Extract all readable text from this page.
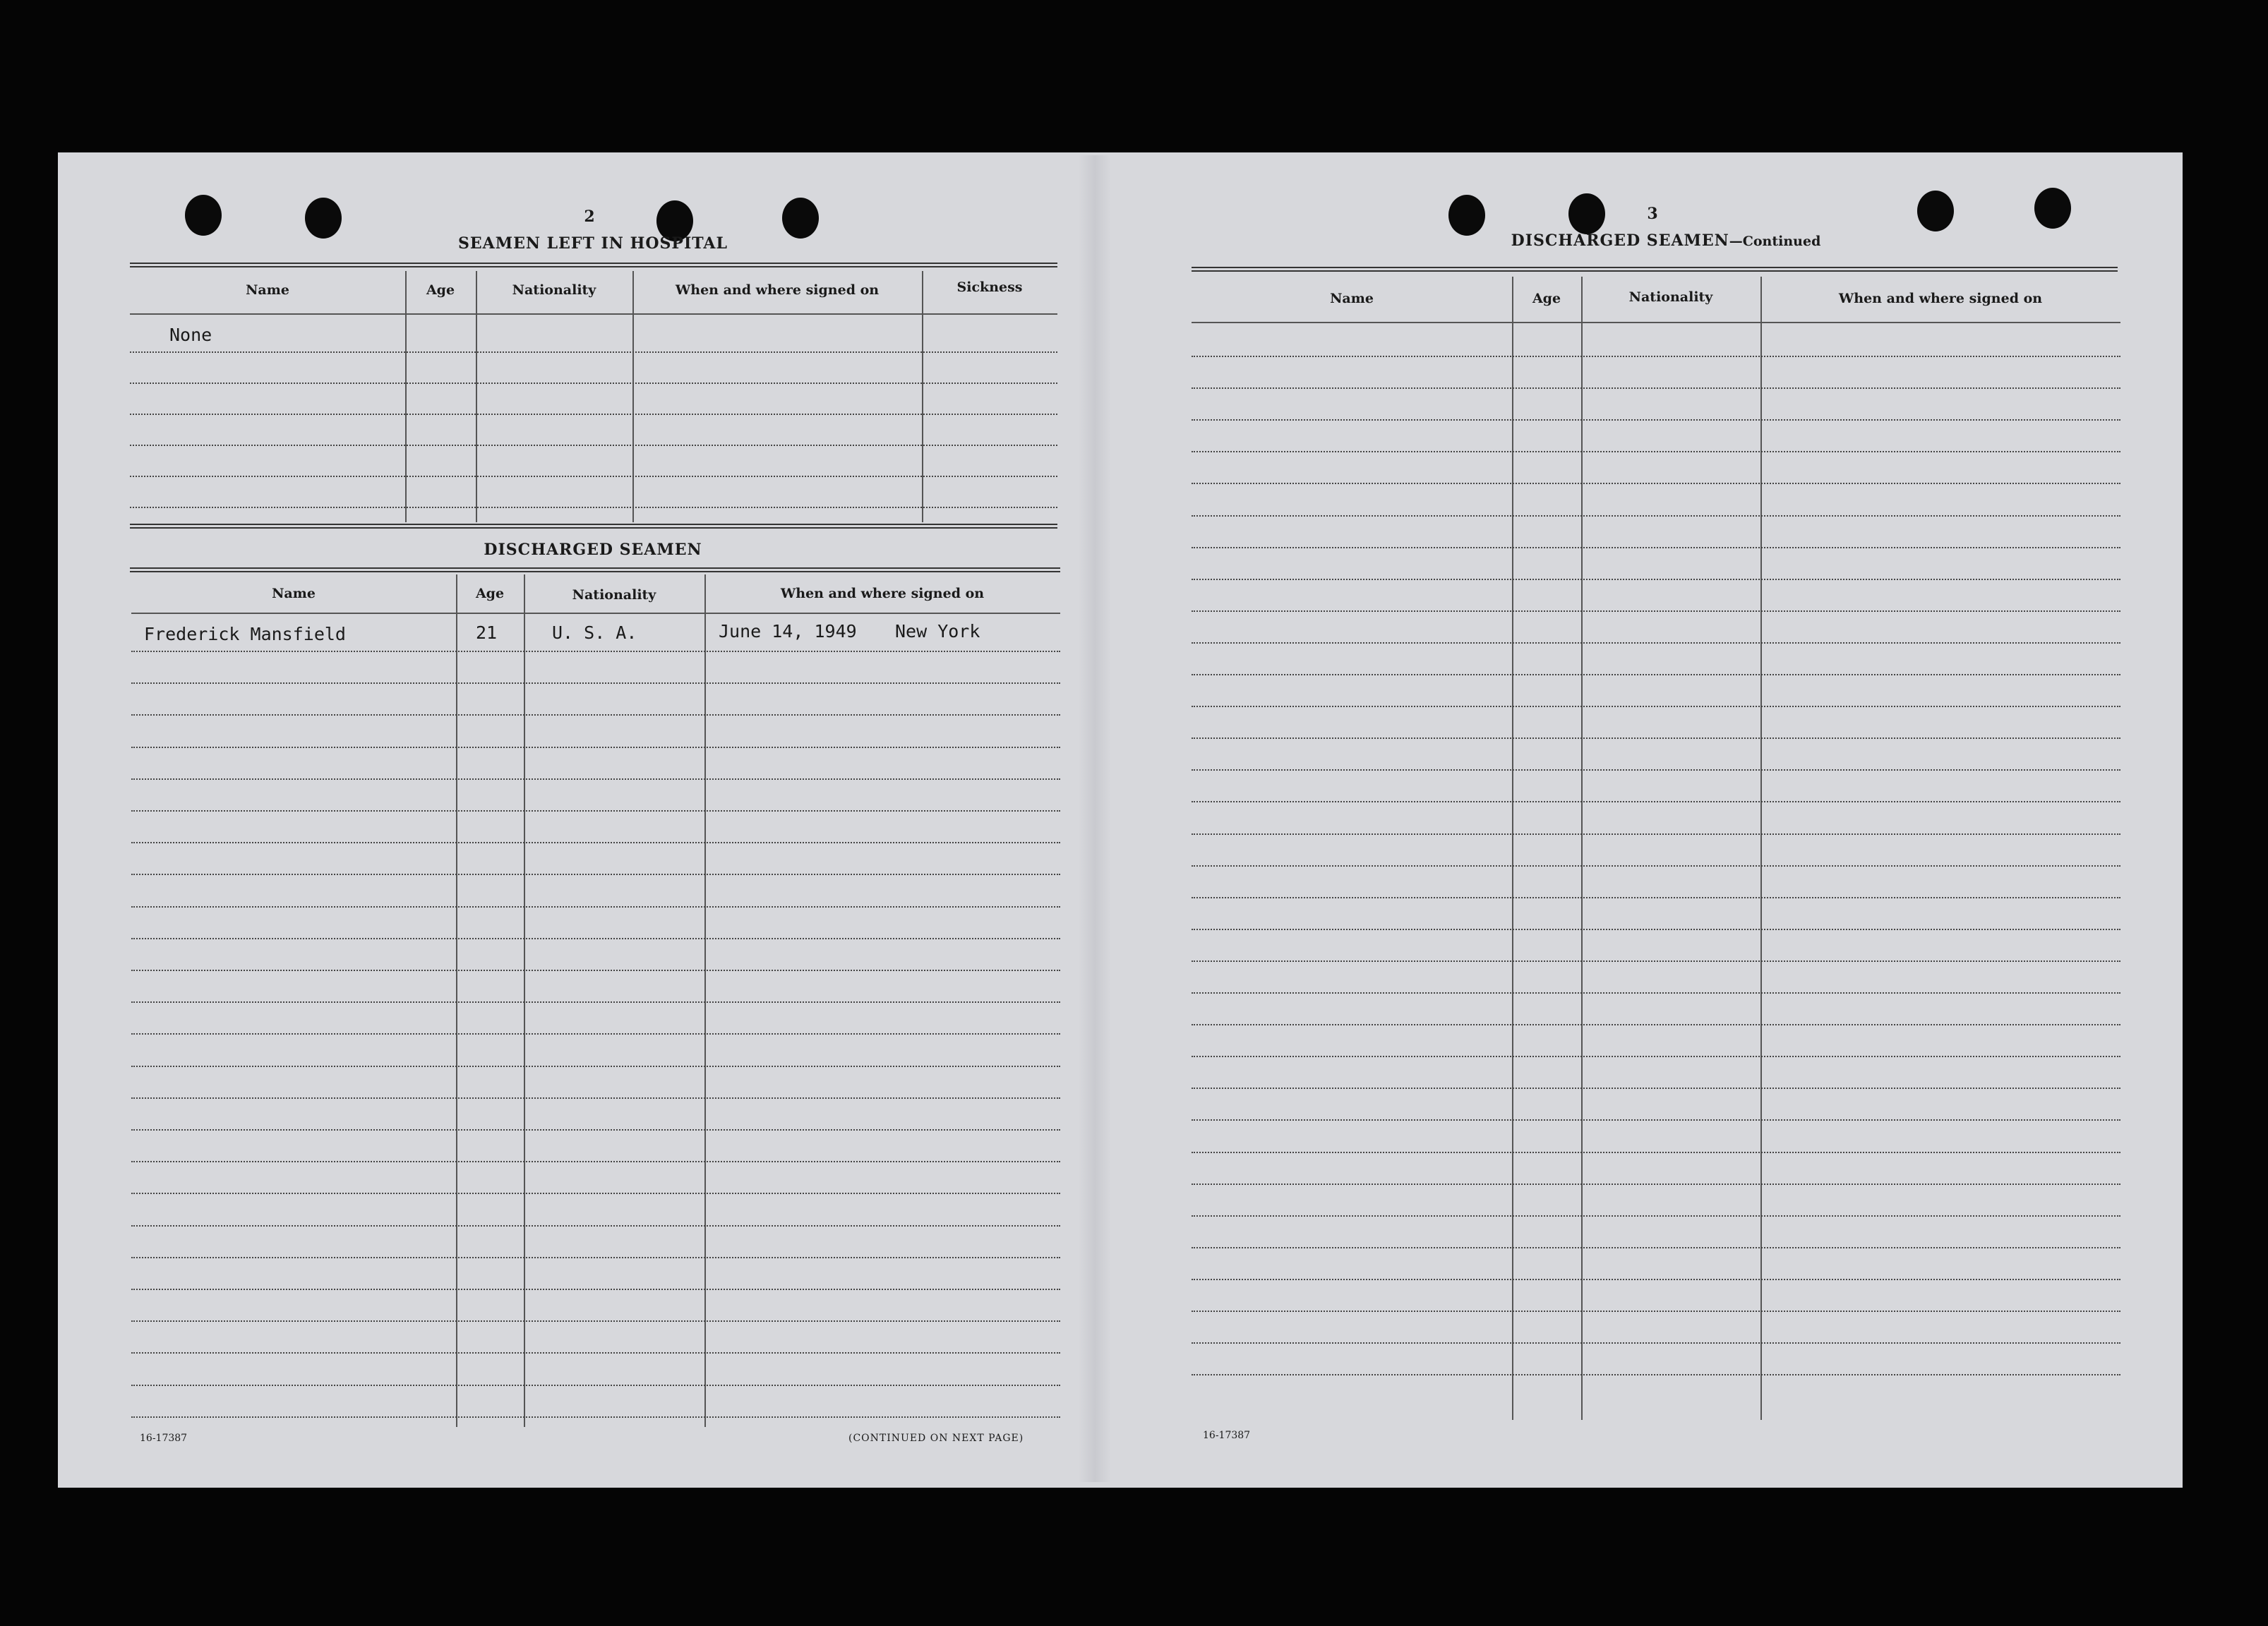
2
SEAMEN LEFT IN HOSPITAL
Name	Age	Nationality	When and where signed on	Sickness
None
DISCHARGED SEAMEN
Name	Age	Nationality	When and where signed on
Frederick Mansfield	21	U. S. A.	June 14, 1949 New York
16-17387	(CONTINUED ON NEXT PAGE)
3
DISCHARGED SEAMEN—Continued
Name	Age	Nationality	When and where signed on
16-17387
